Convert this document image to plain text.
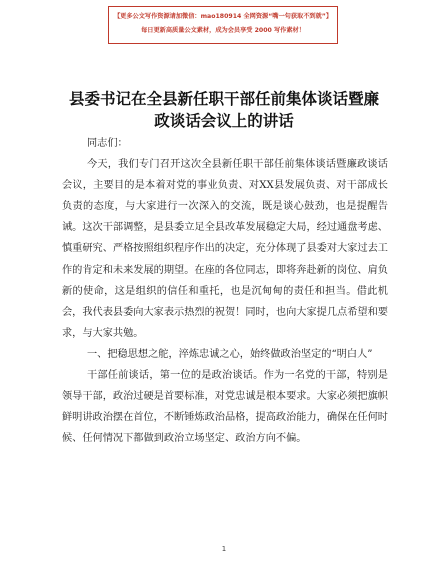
【更多公文写作资源请加微信：mao180914 全网资源“嘴一句获取不到就”】
每日更新高质量公文素材，成为会员享受 2000 写作素材！
县委书记在全县新任职干部任前集体谈话暨廉
政谈话会议上的讲话

同志们：

今天，我们专门召开这次全县新任职干部任前集体谈话暨廉政谈话会议，主要目的是本着对党的事业负责、对XX县发展负责、对干部成长负责的态度，与大家进行一次深入的交流，既是谈心鼓劲，也是提醒告诫。这次干部调整，是县委立足全县改革发展稳定大局，经过通盘考虑、慎重研究、严格按照组织程序作出的决定，充分体现了县委对大家过去工作的肯定和未来发展的期望。在座的各位同志，即将奔赴新的岗位、肩负新的使命，这是组织的信任和重托，也是沉甸甸的责任和担当。借此机会，我代表县委向大家表示热烈的祝贺！同时，也向大家提几点希望和要求，与大家共勉。

一、把稳思想之舵，淬炼忠诚之心，始终做政治坚定的“明白人”

干部任前谈话，第一位的是政治谈话。作为一名党的干部，特别是领导干部，政治过硬是首要标准，对党忠诚是根本要求。大家必须把旗帜鲜明讲政治摆在首位，不断锤炼政治品格，提高政治能力，确保在任何时候、任何情况下都做到政治立场坚定、政治方向不偏。

1
